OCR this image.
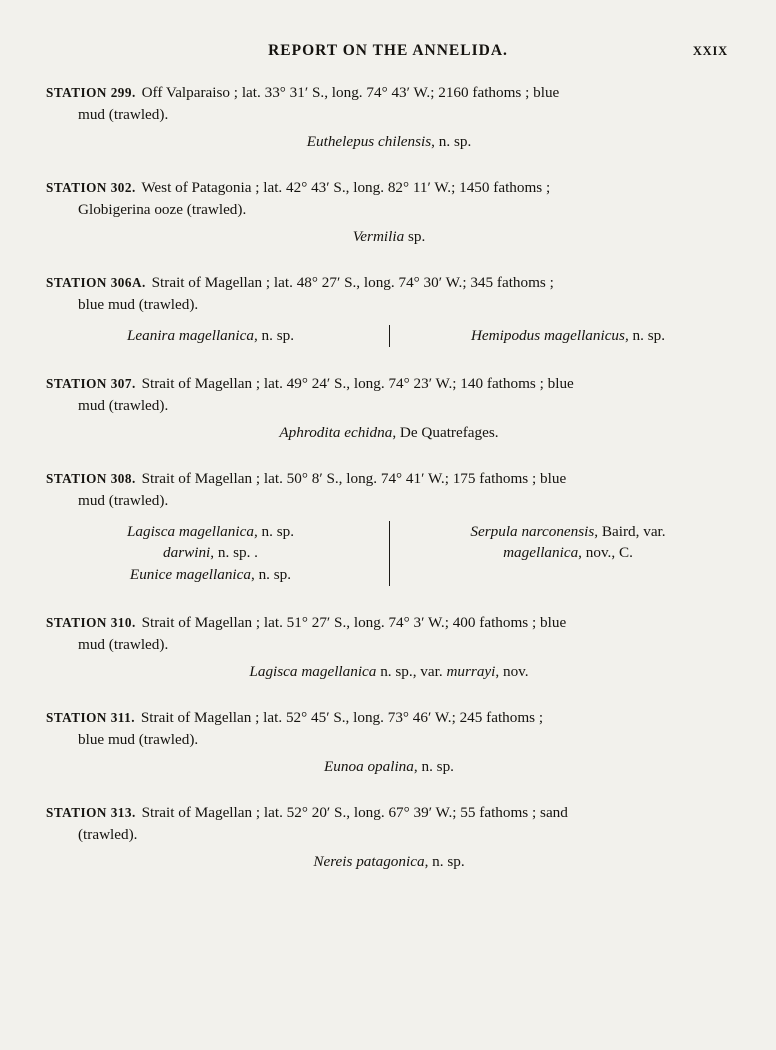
REPORT ON THE ANNELIDA.	XXIX
STATION 299. Off Valparaiso ; lat. 33° 31′ S., long. 74° 43′ W.; 2160 fathoms ; blue
mud (trawled).
Euthelepus chilensis, n. sp.
STATION 302. West of Patagonia ; lat. 42° 43′ S., long. 82° 11′ W.; 1450 fathoms ;
Globigerina ooze (trawled).
Vermilia sp.
STATION 306A. Strait of Magellan ; lat. 48° 27′ S., long. 74° 30′ W.; 345 fathoms ;
blue mud (trawled).
Leanira magellanica, n. sp.	Hemipodus magellanicus, n. sp.
STATION 307. Strait of Magellan ; lat. 49° 24′ S., long. 74° 23′ W.; 140 fathoms ; blue
mud (trawled).
Aphrodita echidna, De Quatrefages.
STATION 308. Strait of Magellan ; lat. 50° 8′ S., long. 74° 41′ W.; 175 fathoms ; blue
mud (trawled).
Lagisca magellanica, n. sp.
darwini, n. sp. .
Eunice magellanica, n. sp.
Serpula narconensis, Baird, var.
magellanica, nov., C.
STATION 310. Strait of Magellan ; lat. 51° 27′ S., long. 74° 3′ W.; 400 fathoms ; blue
mud (trawled).
Lagisca magellanica n. sp., var. murrayi, nov.
STATION 311. Strait of Magellan ; lat. 52° 45′ S., long. 73° 46′ W.; 245 fathoms ;
blue mud (trawled).
Eunoa opalina, n. sp.
STATION 313. Strait of Magellan ; lat. 52° 20′ S., long. 67° 39′ W.; 55 fathoms ; sand
(trawled).
Nereis patagonica, n. sp.
